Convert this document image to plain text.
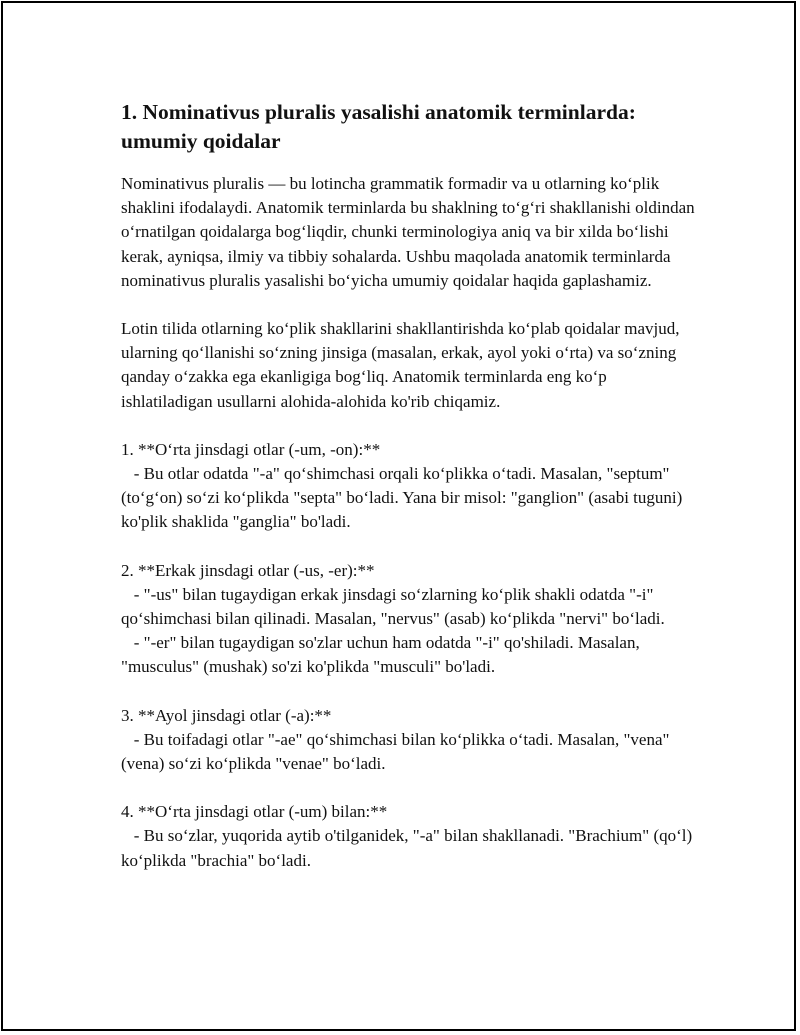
1. Nominativus pluralis yasalishi anatomik terminlarda: umumiy qoidalar

Nominativus pluralis — bu lotincha grammatik formadir va u otlarning ko‘plik shaklini ifodalaydi. Anatomik terminlarda bu shaklning to‘g‘ri shakllanishi oldindan o‘rnatilgan qoidalarga bog‘liqdir, chunki terminologiya aniq va bir xilda bo‘lishi kerak, ayniqsa, ilmiy va tibbiy sohalarda. Ushbu maqolada anatomik terminlarda nominativus pluralis yasalishi bo‘yicha umumiy qoidalar haqida gaplashamiz.

Lotin tilida otlarning ko‘plik shakllarini shakllantirishda ko‘plab qoidalar mavjud, ularning qo‘llanishi so‘zning jinsiga (masalan, erkak, ayol yoki o‘rta) va so‘zning qanday o‘zakka ega ekanligiga bog‘liq. Anatomik terminlarda eng ko‘p ishlatiladigan usullarni alohida-alohida ko'rib chiqamiz.

1. **O‘rta jinsdagi otlar (-um, -on):**
- Bu otlar odatda "-a" qo‘shimchasi orqali ko‘plikka o‘tadi. Masalan, "septum" (to‘g‘on) so‘zi ko‘plikda "septa" bo‘ladi. Yana bir misol: "ganglion" (asabi tuguni) ko'plik shaklida "ganglia" bo'ladi.

2. **Erkak jinsdagi otlar (-us, -er):**
- "-us" bilan tugaydigan erkak jinsdagi so‘zlarning ko‘plik shakli odatda "-i" qo‘shimchasi bilan qilinadi. Masalan, "nervus" (asab) ko‘plikda "nervi" bo‘ladi.
- "-er" bilan tugaydigan so'zlar uchun ham odatda "-i" qo'shiladi. Masalan, "musculus" (mushak) so'zi ko'plikda "musculi" bo'ladi.

3. **Ayol jinsdagi otlar (-a):**
- Bu toifadagi otlar "-ae" qo‘shimchasi bilan ko‘plikka o‘tadi. Masalan, "vena" (vena) so‘zi ko‘plikda "venae" bo‘ladi.

4. **O‘rta jinsdagi otlar (-um) bilan:**
- Bu so‘zlar, yuqorida aytib o'tilganidek, "-a" bilan shakllanadi. "Brachium" (qo‘l) ko‘plikda "brachia" bo‘ladi.
